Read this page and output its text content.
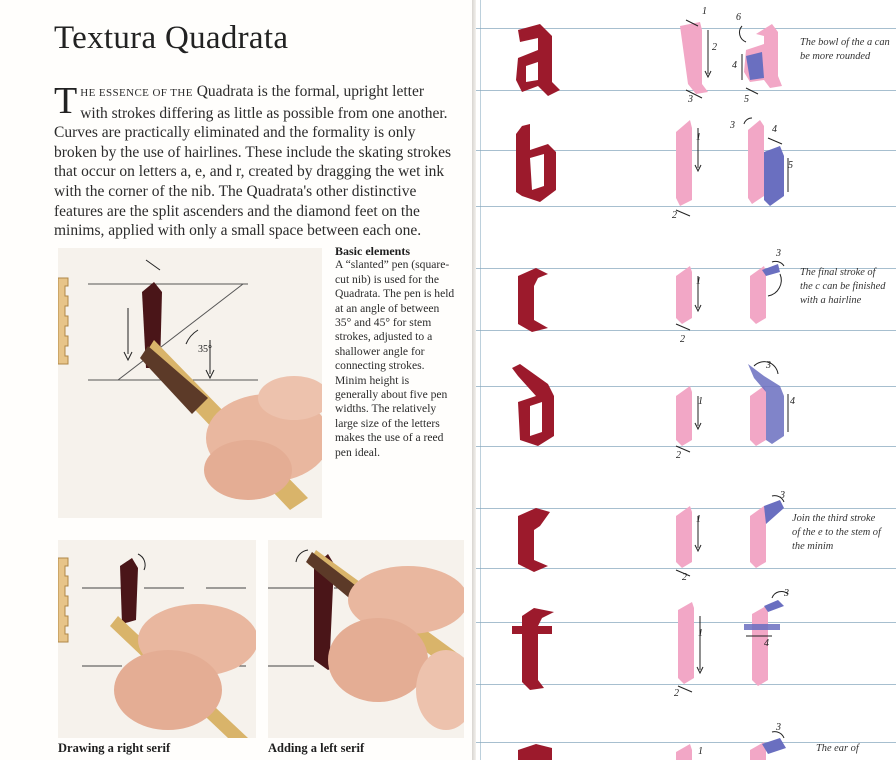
Textura Quadrata
THE ESSENCE OF THE Quadrata is the formal, upright letter with strokes differing as little as possible from one another. Curves are practically eliminated and the formality is only broken by the use of hairlines. These include the skating strokes that occur on letters a, e, and r, created by dragging the wet ink with the corner of the nib. The Quadrata's other distinctive features are the split ascenders and the diamond feet on the minims, applied with only a small space between each one.
35°
Basic elements
A “slanted” pen (square-cut nib) is used for the Quadrata. The pen is held at an angle of between 35° and 45° for stem strokes, adjusted to a shallower angle for connecting strokes. Minim height is generally about five pen widths. The relatively large size of the letters makes the use of a reed pen ideal.
Drawing a right serif	Adding a left serif
1
2
3
6
4
5
The bowl of the a can be more rounded
1
2
3	4
5
1
2
3
The final stroke of the c can be finished with a hairline
1
2
3
4
1
2
3
Join the third stroke of the e to the stem of the minim
1
2
3
4
1
3
The ear of
